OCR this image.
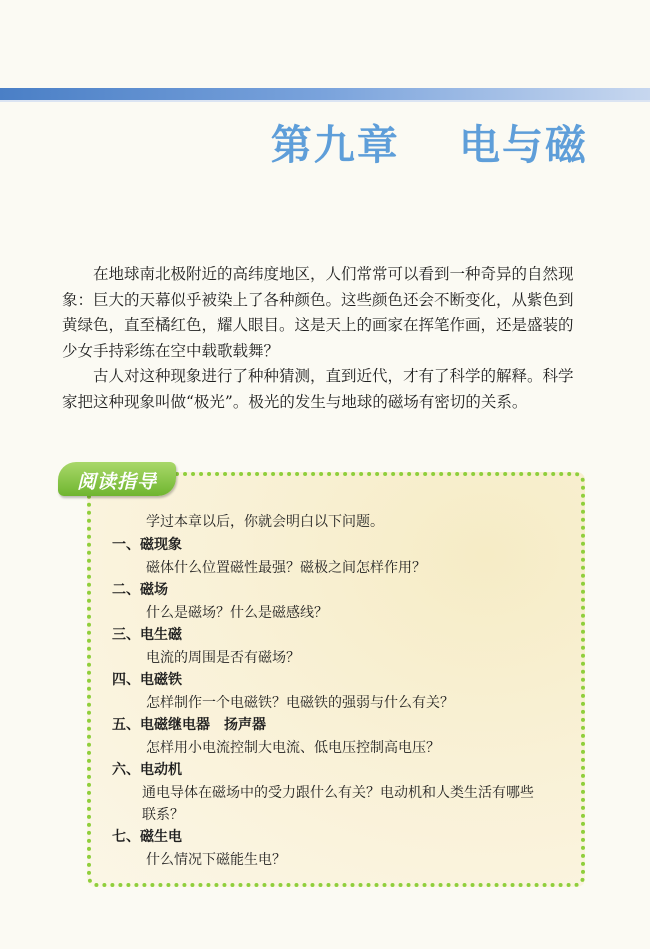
第九章　 电与磁

在地球南北极附近的高纬度地区，人们常常可以看到一种奇异的自然现象：巨大的天幕似乎被染上了各种颜色。这些颜色还会不断变化，从紫色到黄绿色，直至橘红色，耀人眼目。这是天上的画家在挥笔作画，还是盛装的少女手持彩练在空中载歌载舞？

古人对这种现象进行了种种猜测，直到近代，才有了科学的解释。科学家把这种现象叫做“极光”。极光的发生与地球的磁场有密切的关系。

阅读指导
学过本章以后，你就会明白以下问题。
一、磁现象
磁体什么位置磁性最强？磁极之间怎样作用？
二、磁场
什么是磁场？什么是磁感线？
三、电生磁
电流的周围是否有磁场？
四、电磁铁
怎样制作一个电磁铁？电磁铁的强弱与什么有关？
五、电磁继电器　扬声器
怎样用小电流控制大电流、低电压控制高电压？
六、电动机
通电导体在磁场中的受力跟什么有关？电动机和人类生活有哪些联系？
七、磁生电
什么情况下磁能生电？
